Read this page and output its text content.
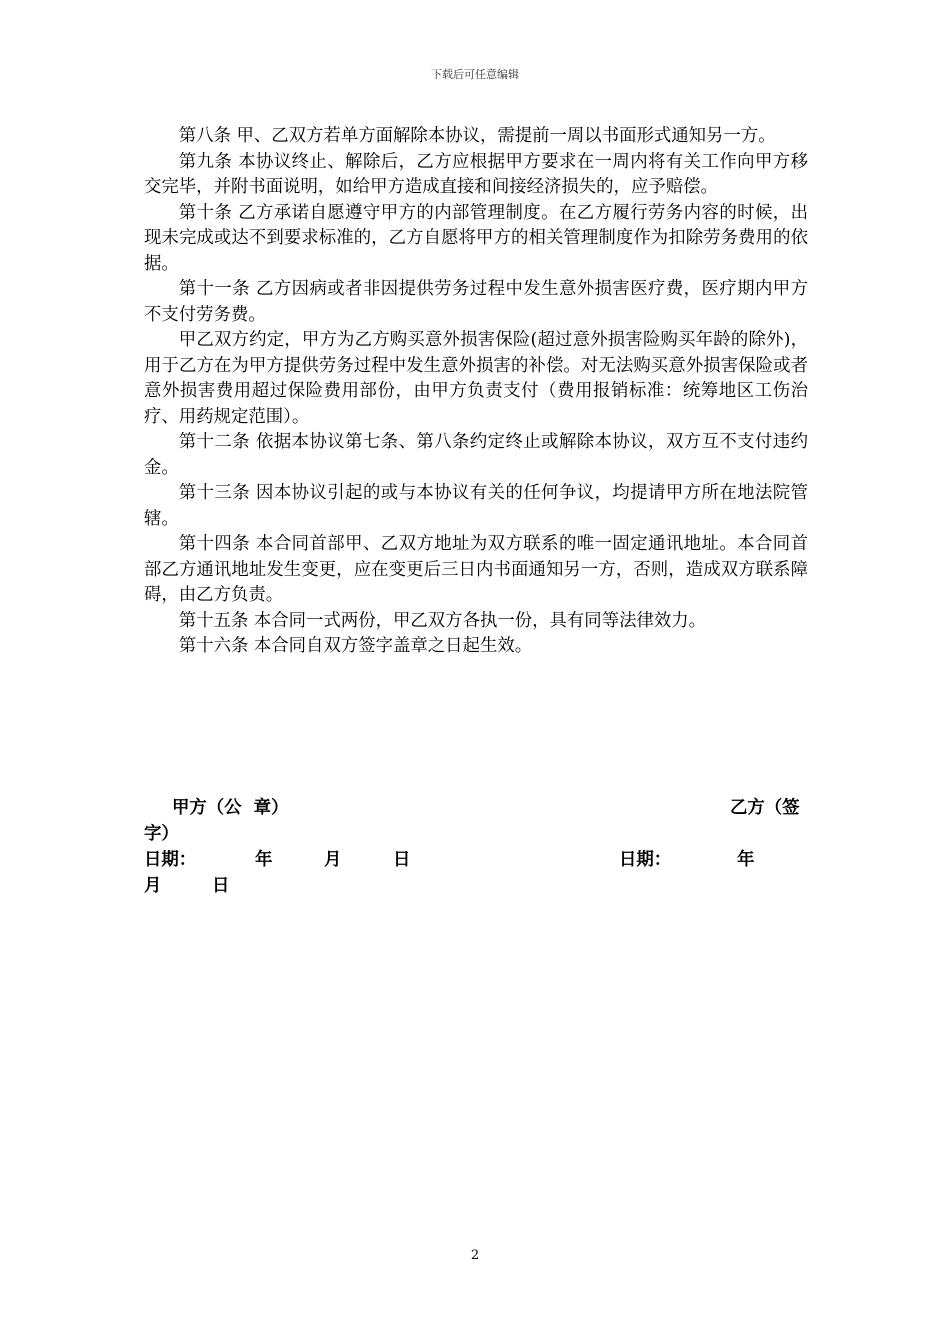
下载后可任意编辑

第八条 甲、乙双方若单方面解除本协议，需提前一周以书面形式通知另一方。

第九条 本协议终止、解除后，乙方应根据甲方要求在一周内将有关工作向甲方移交完毕，并附书面说明，如给甲方造成直接和间接经济损失的，应予赔偿。

第十条 乙方承诺自愿遵守甲方的内部管理制度。在乙方履行劳务内容的时候，出现未完成或达不到要求标准的，乙方自愿将甲方的相关管理制度作为扣除劳务费用的依据。

第十一条 乙方因病或者非因提供劳务过程中发生意外损害医疗费，医疗期内甲方不支付劳务费。

甲乙双方约定，甲方为乙方购买意外损害保险(超过意外损害险购买年龄的除外)，用于乙方在为甲方提供劳务过程中发生意外损害的补偿。对无法购买意外损害保险或者意外损害费用超过保险费用部份，由甲方负责支付（费用报销标准：统筹地区工伤治疗、用药规定范围）。

第十二条 依据本协议第七条、第八条约定终止或解除本协议，双方互不支付违约金。

第十三条 因本协议引起的或与本协议有关的任何争议，均提请甲方所在地法院管辖。

第十四条 本合同首部甲、乙双方地址为双方联系的唯一固定通讯地址。本合同首部乙方通讯地址发生变更，应在变更后三日内书面通知另一方，否则，造成双方联系障碍，由乙方负责。

第十五条 本合同一式两份，甲乙双方各执一份，具有同等法律效力。

第十六条 本合同自双方签字盖章之日起生效。

甲方（公  章）	乙方（签
字）
日期：	年	月	日	日期：	年
月	日
2
